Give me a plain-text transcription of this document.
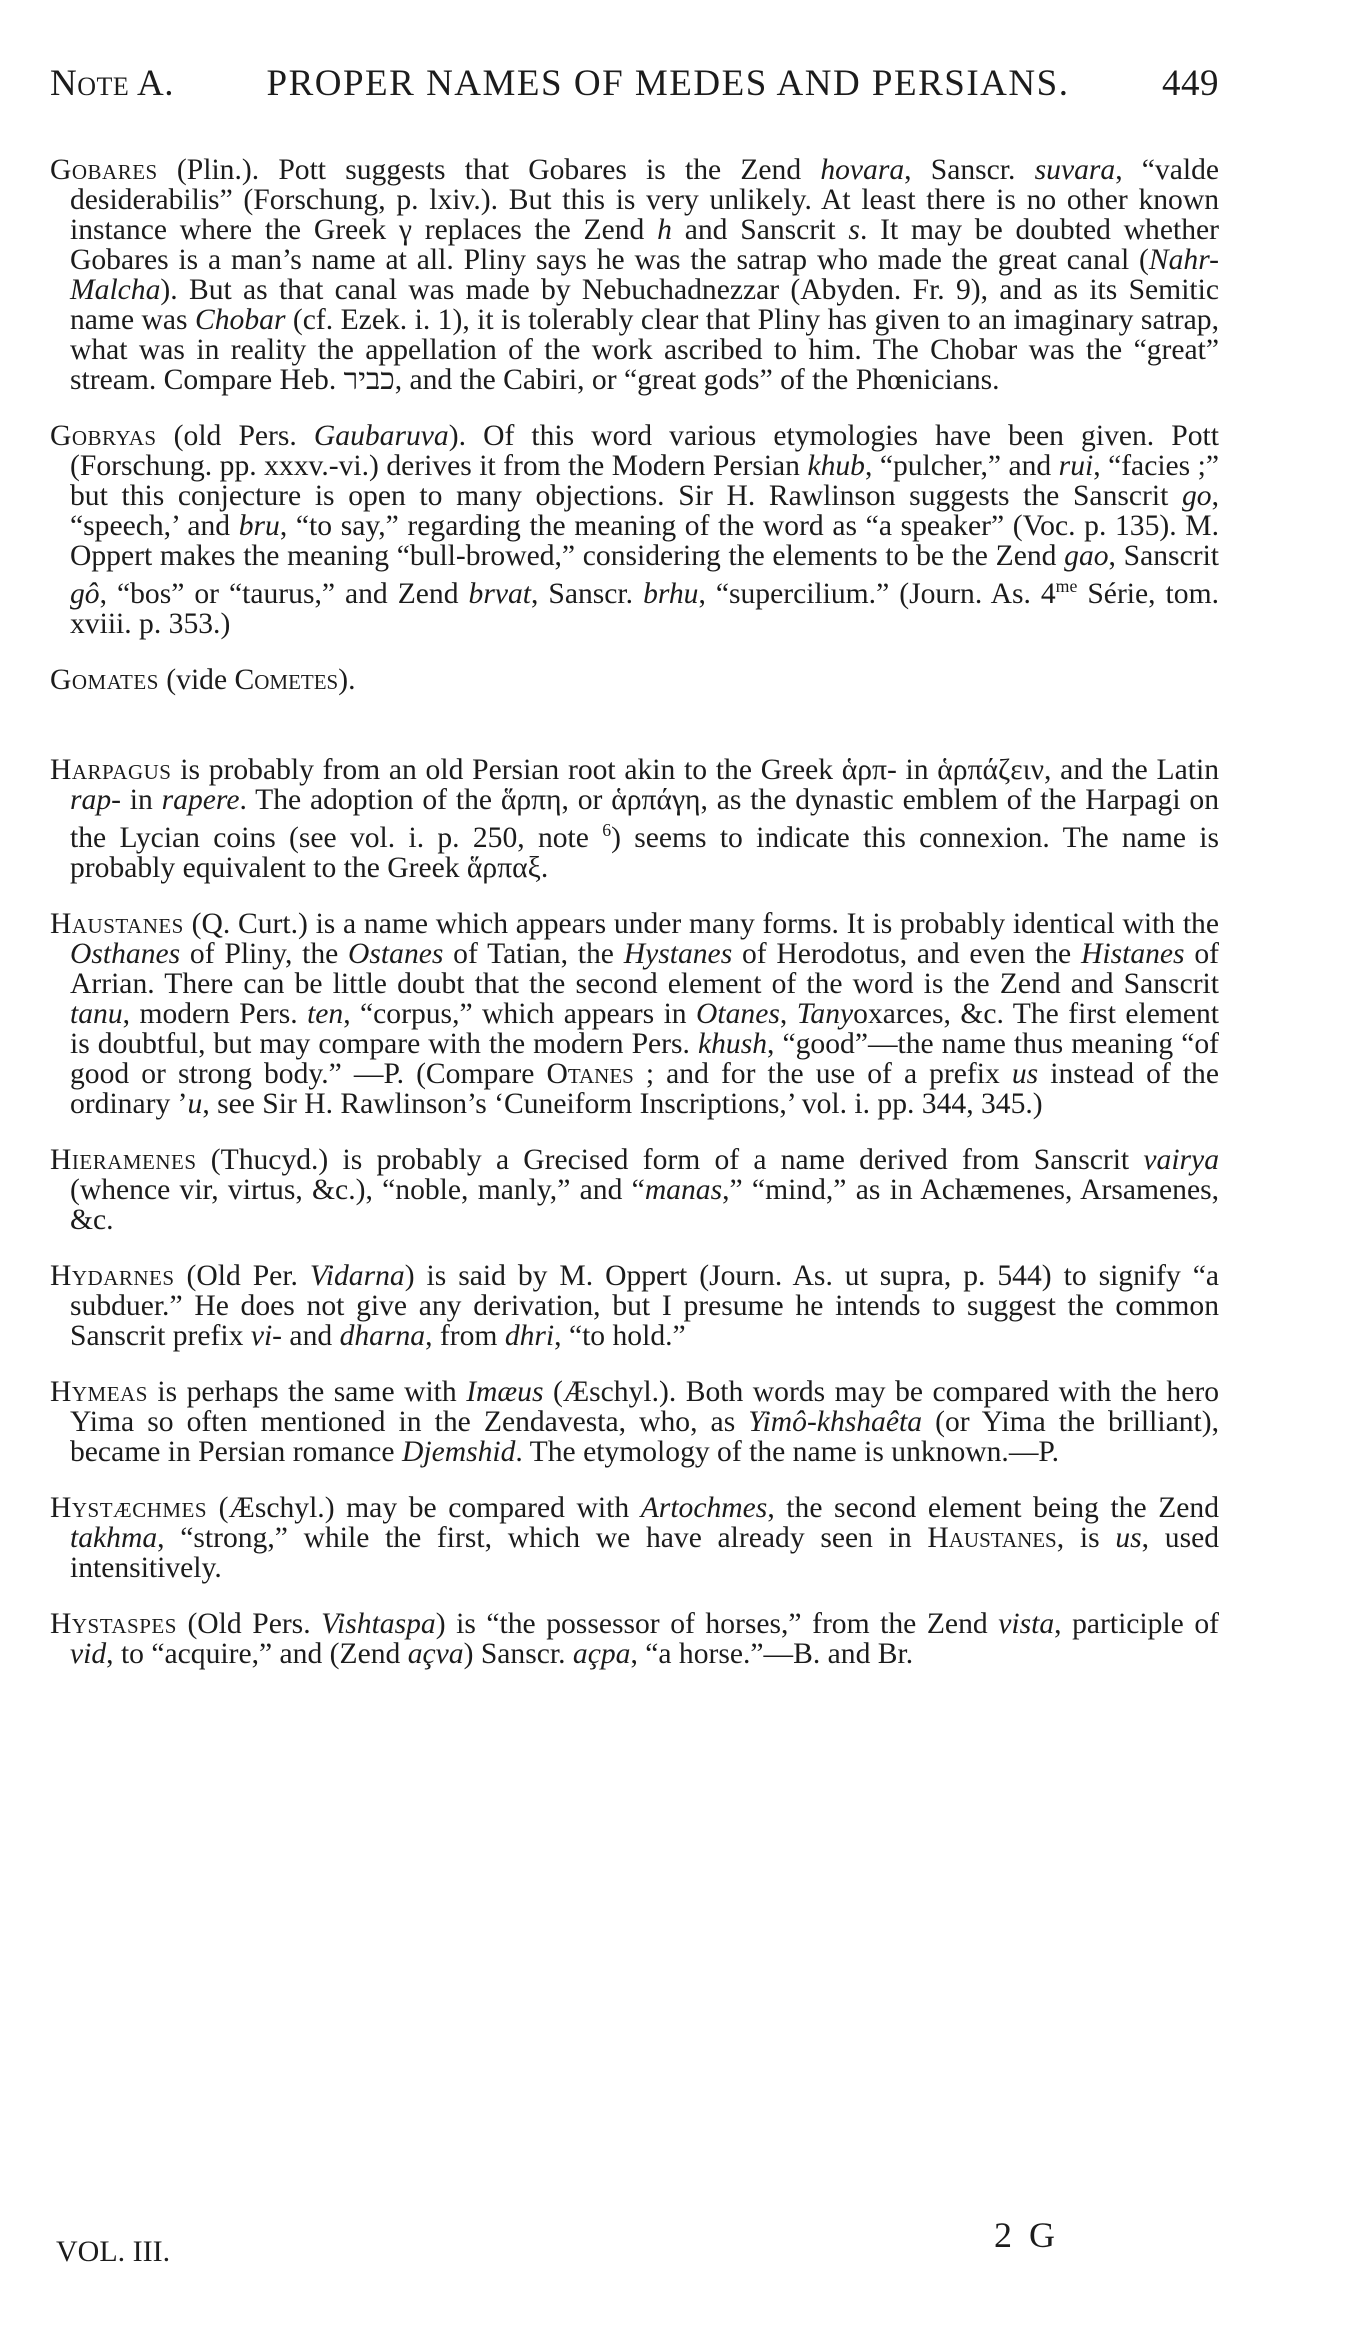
Note A.	PROPER NAMES OF MEDES AND PERSIANS.	449

Gobares (Plin.). Pott suggests that Gobares is the Zend hovara, Sanscr. suvara, “valde desiderabilis” (Forschung, p. lxiv.). But this is very unlikely. At least there is no other known instance where the Greek γ replaces the Zend h and Sanscrit s. It may be doubted whether Gobares is a man’s name at all. Pliny says he was the satrap who made the great canal (Nahr-Malcha). But as that canal was made by Nebuchadnezzar (Abyden. Fr. 9), and as its Semitic name was Chobar (cf. Ezek. i. 1), it is tolerably clear that Pliny has given to an imaginary satrap, what was in reality the appellation of the work ascribed to him. The Chobar was the “great” stream. Compare Heb. כביר, and the Cabiri, or “great gods” of the Phœnicians.

Gobryas (old Pers. Gaubaruva). Of this word various etymologies have been given. Pott (Forschung. pp. xxxv.-vi.) derives it from the Modern Persian khub, “pulcher,” and rui, “facies ;” but this conjecture is open to many objections. Sir H. Rawlinson suggests the Sanscrit go, “speech,’ and bru, “to say,” regarding the meaning of the word as “a speaker” (Voc. p. 135). M. Oppert makes the meaning “bull-browed,” considering the elements to be the Zend gao, Sanscrit gô, “bos” or “taurus,” and Zend brvat, Sanscr. brhu, “supercilium.” (Journ. As. $4^{me}$ Série, tom. xviii. p. 353.)

Gomates (vide Cometes).

Harpagus is probably from an old Persian root akin to the Greek ἁρπ- in ἁρπάζειν, and the Latin rap- in rapere. The adoption of the ἅρπη, or ἁρπάγη, as the dynastic emblem of the Harpagi on the Lycian coins (see vol. i. p. 250, note $^6$) seems to indicate this connexion. The name is probably equivalent to the Greek ἅρπαξ.

Haustanes (Q. Curt.) is a name which appears under many forms. It is probably identical with the Osthanes of Pliny, the Ostanes of Tatian, the Hystanes of Herodotus, and even the Histanes of Arrian. There can be little doubt that the second element of the word is the Zend and Sanscrit tanu, modern Pers. ten, “corpus,” which appears in Otanes, Tanyoxarces, &c. The first element is doubtful, but may compare with the modern Pers. khush, “good”—the name thus meaning “of good or strong body.” —P. (Compare Otanes ; and for the use of a prefix us instead of the ordinary ’u, see Sir H. Rawlinson’s ‘Cuneiform Inscriptions,’ vol. i. pp. 344, 345.)

Hieramenes (Thucyd.) is probably a Grecised form of a name derived from Sanscrit vairya (whence vir, virtus, &c.), “noble, manly,” and “manas,” “mind,” as in Achæmenes, Arsamenes, &c.

Hydarnes (Old Per. Vidarna) is said by M. Oppert (Journ. As. ut supra, p. 544) to signify “a subduer.” He does not give any derivation, but I presume he intends to suggest the common Sanscrit prefix vi- and dharna, from dhri, “to hold.”

Hymeas is perhaps the same with Imæus (Æschyl.). Both words may be compared with the hero Yima so often mentioned in the Zendavesta, who, as Yimô-khshaêta (or Yima the brilliant), became in Persian romance Djemshid. The etymology of the name is unknown.—P.

Hystæchmes (Æschyl.) may be compared with Artochmes, the second element being the Zend takhma, “strong,” while the first, which we have already seen in Haustanes, is us, used intensitively.

Hystaspes (Old Pers. Vishtaspa) is “the possessor of horses,” from the Zend vista, participle of vid, to “acquire,” and (Zend açva) Sanscr. açpa, “a horse.”—B. and Br.

VOL. III.	2 G
